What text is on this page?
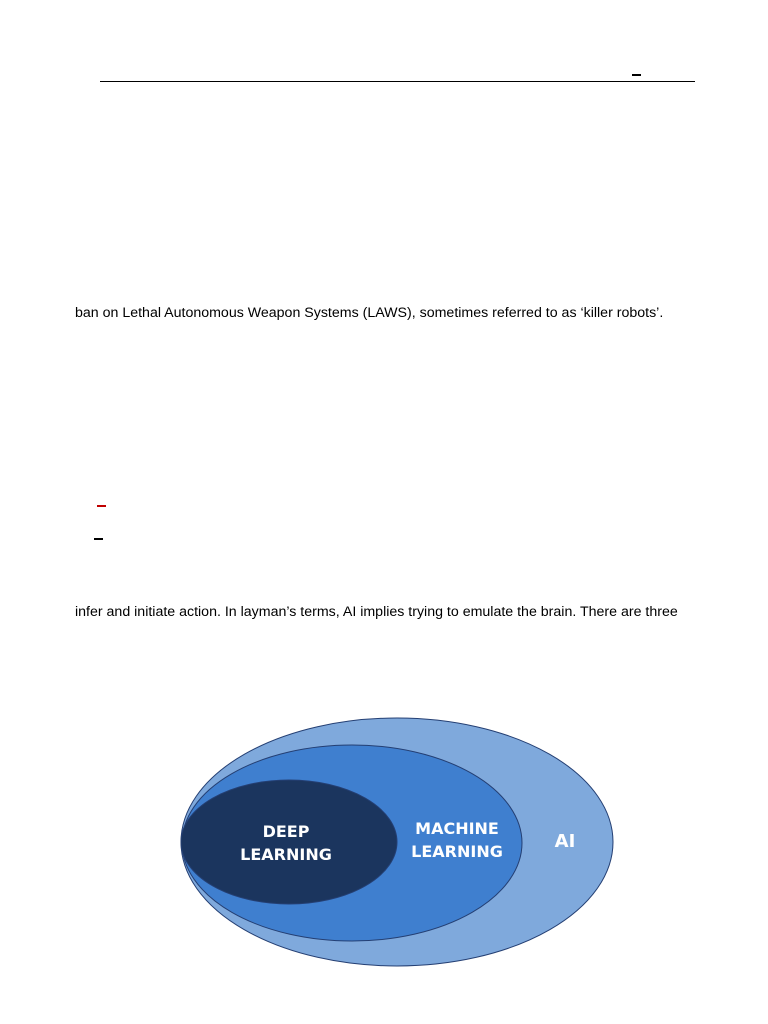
ban on Lethal Autonomous Weapon Systems (LAWS), sometimes referred to as ‘killer robots’.
infer and initiate action. In layman’s terms, AI implies trying to emulate the brain. There are three
DEEP
LEARNING
MACHINE
LEARNING	AI
